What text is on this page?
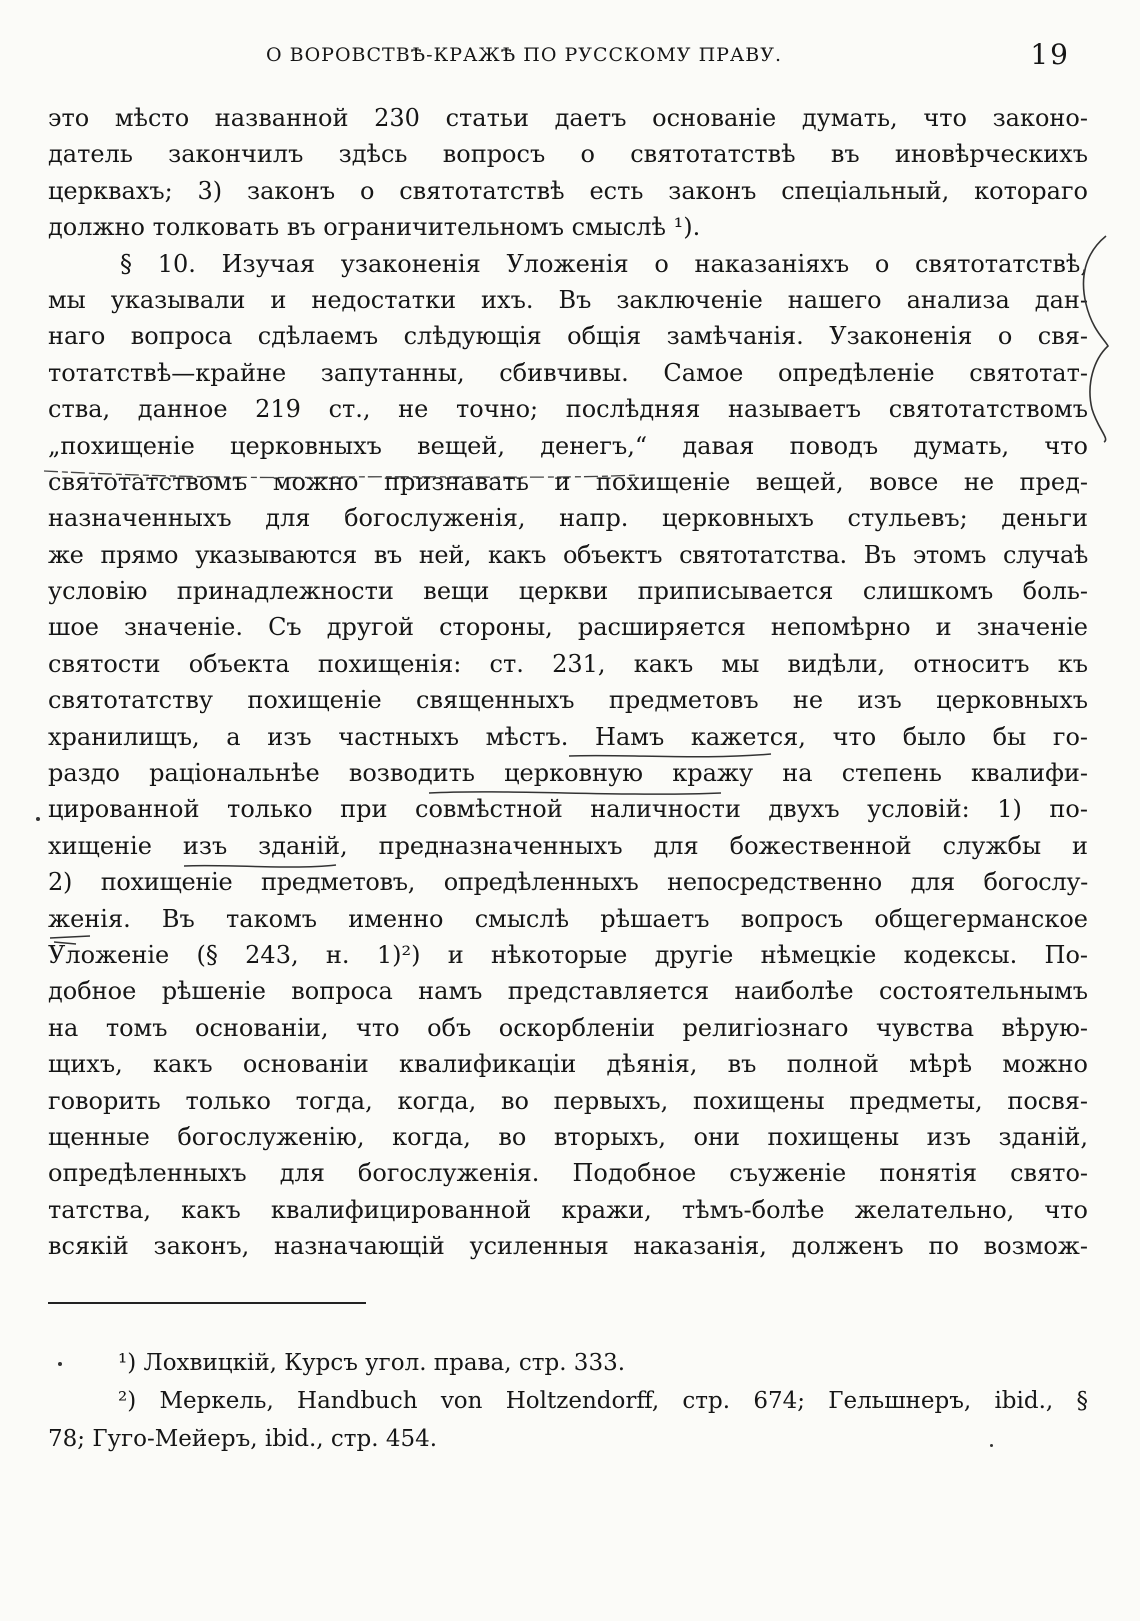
О ВОРОВСТВѢ-КРАЖѢ ПО РУССКОМУ ПРАВУ.	19
это мѣсто названной 230 статьи даетъ основаніе думать, что законо-
датель закончилъ здѣсь вопросъ о святотатствѣ въ иновѣрческихъ
церквахъ; 3) законъ о святотатствѣ есть законъ спеціальный, котораго
должно толковать въ ограничительномъ смыслѣ ¹).
§ 10. Изучая узаконенія Уложенія о наказаніяхъ о святотатствѣ,
мы указывали и недостатки ихъ. Въ заключеніе нашего анализа дан-
наго вопроса сдѣлаемъ слѣдующія общія замѣчанія. Узаконенія о свя-
тотатствѣ—крайне запутанны, сбивчивы. Самое опредѣленіе святотат-
ства, данное 219 ст., не точно; послѣдняя называетъ святотатствомъ
„похищеніе церковныхъ вещей, денегъ,“ давая поводъ думать, что
святотатствомъ можно признавать и похищеніе вещей, вовсе не пред-
назначенныхъ для богослуженія, напр. церковныхъ стульевъ; деньги
же прямо указываются въ ней, какъ объектъ святотатства. Въ этомъ случаѣ
условію принадлежности вещи церкви приписывается слишкомъ боль-
шое значеніе. Съ другой стороны, расширяется непомѣрно и значеніе
святости объекта похищенія: ст. 231, какъ мы видѣли, относитъ къ
святотатству похищеніе священныхъ предметовъ не изъ церковныхъ
хранилищъ, а изъ частныхъ мѣстъ. Намъ кажется, что было бы го-
раздо раціональнѣе возводить церковную кражу на степень квалифи-
цированной только при совмѣстной наличности двухъ условій: 1) по-
хищеніе изъ зданій, предназначенныхъ для божественной службы и
2) похищеніе предметовъ, опредѣленныхъ непосредственно для богослу-
женія. Въ такомъ именно смыслѣ рѣшаетъ вопросъ общегерманское
Уложеніе (§ 243, н. 1)²) и нѣкоторые другіе нѣмецкіе кодексы. По-
добное рѣшеніе вопроса намъ представляется наиболѣе состоятельнымъ
на томъ основаніи, что объ оскорбленіи религіознаго чувства вѣрую-
щихъ, какъ основаніи квалификаціи дѣянія, въ полной мѣрѣ можно
говорить только тогда, когда, во первыхъ, похищены предметы, посвя-
щенные богослуженію, когда, во вторыхъ, они похищены изъ зданій,
опредѣленныхъ для богослуженія. Подобное съуженіе понятія свято-
татства, какъ квалифицированной кражи, тѣмъ-болѣе желательно, что
всякій законъ, назначающій усиленныя наказанія, долженъ по возмож-
¹) Лохвицкій, Курсъ угол. права, стр. 333.
²) Меркель, Handbuch von Holtzendorff, стр. 674; Гельшнеръ, ibid., §
78; Гуго-Мейеръ, ibid., стр. 454.
